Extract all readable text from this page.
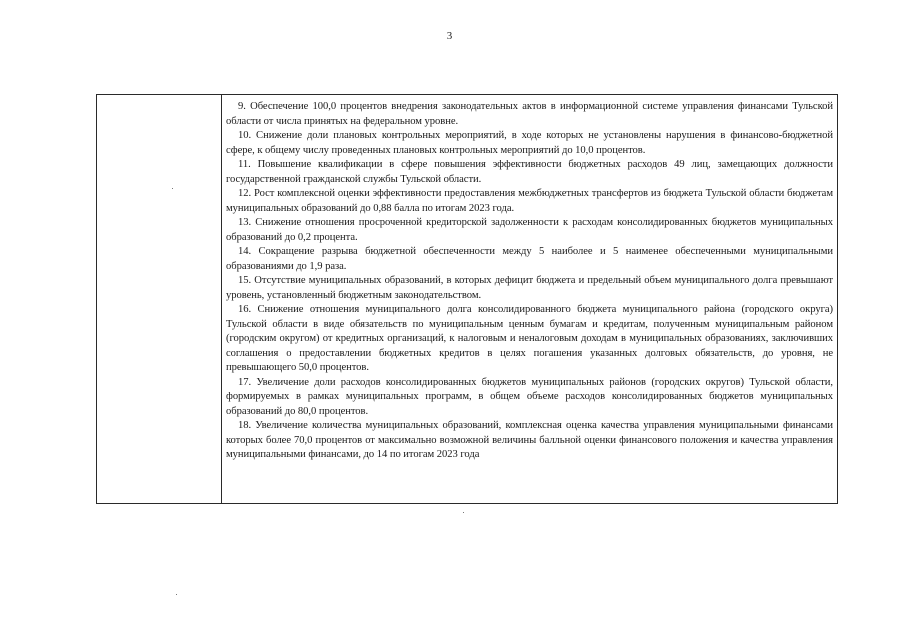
3

9. Обеспечение 100,0 процентов внедрения законодательных актов в информационной системе управления финансами Тульской области от числа принятых на федеральном уровне.

10. Снижение доли плановых контрольных мероприятий, в ходе которых не установлены нарушения в финансово-бюджетной сфере, к общему числу проведенных плановых контрольных мероприятий до 10,0 процентов.

11. Повышение квалификации в сфере повышения эффективности бюджетных расходов 49 лиц, замещающих должности государственной гражданской службы Тульской области.

12. Рост комплексной оценки эффективности предоставления межбюджетных трансфертов из бюджета Тульской области бюджетам муниципальных образований до 0,88 балла по итогам 2023 года.

13. Снижение отношения просроченной кредиторской задолженности к расходам консолидированных бюджетов муниципальных образований до 0,2 процента.

14. Сокращение разрыва бюджетной обеспеченности между 5 наиболее и 5 наименее обеспеченными муниципальными образованиями до 1,9 раза.

15. Отсутствие муниципальных образований, в которых дефицит бюджета и предельный объем муниципального долга превышают уровень, установленный бюджетным законодательством.

16. Снижение отношения муниципального долга консолидированного бюджета муниципального района (городского округа) Тульской области в виде обязательств по муниципальным ценным бумагам и кредитам, полученным муниципальным районом (городским округом) от кредитных организаций, к налоговым и неналоговым доходам в муниципальных образованиях, заключивших соглашения о предоставлении бюджетных кредитов в целях погашения указанных долговых обязательств, до уровня, не превышающего 50,0 процентов.

17. Увеличение доли расходов консолидированных бюджетов муниципальных районов (городских округов) Тульской области, формируемых в рамках муниципальных программ, в общем объеме расходов консолидированных бюджетов муниципальных образований до 80,0 процентов.

18. Увеличение количества муниципальных образований, комплексная оценка качества управления муниципальными финансами которых более 70,0 процентов от максимально возможной величины балльной оценки финансового положения и качества управления муниципальными финансами, до 14 по итогам 2023 года
